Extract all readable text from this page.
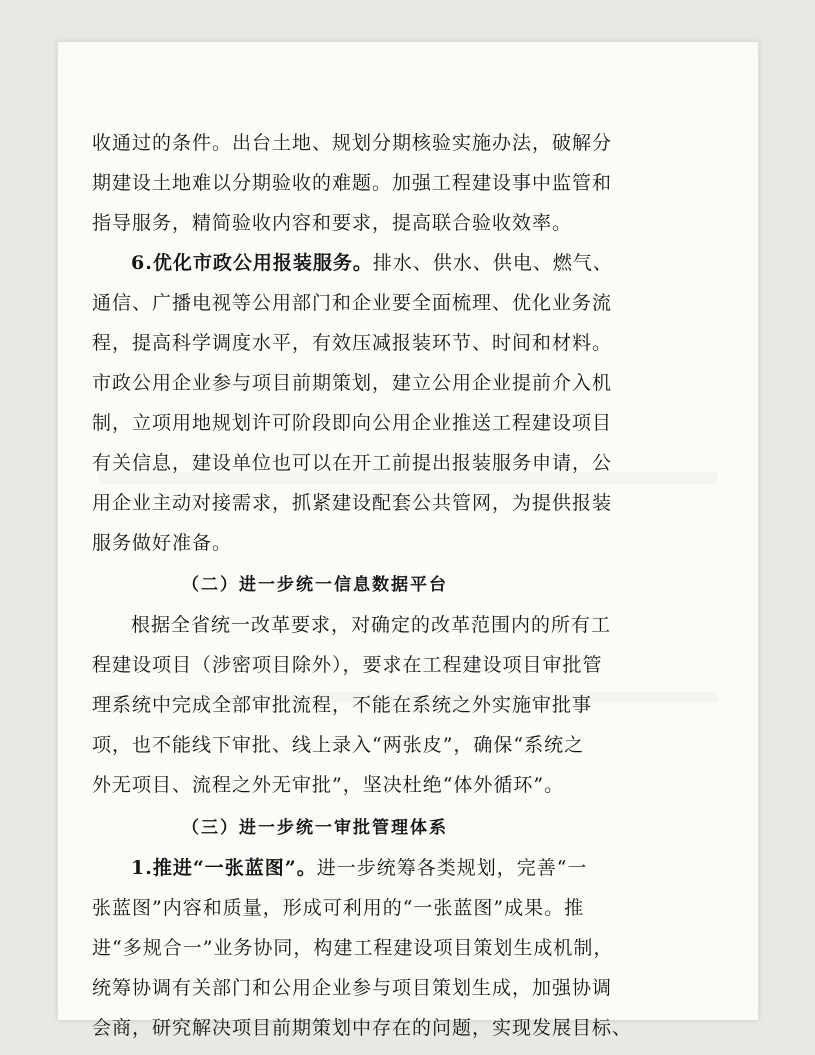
收通过的条件。出台土地、规划分期核验实施办法，破解分
期建设土地难以分期验收的难题。加强工程建设事中监管和
指导服务，精简验收内容和要求，提高联合验收效率。
6.优化市政公用报装服务。排水、供水、供电、燃气、
通信、广播电视等公用部门和企业要全面梳理、优化业务流
程，提高科学调度水平，有效压减报装环节、时间和材料。
市政公用企业参与项目前期策划，建立公用企业提前介入机
制，立项用地规划许可阶段即向公用企业推送工程建设项目
有关信息，建设单位也可以在开工前提出报装服务申请，公
用企业主动对接需求，抓紧建设配套公共管网，为提供报装
服务做好准备。
（二）进一步统一信息数据平台
根据全省统一改革要求，对确定的改革范围内的所有工
程建设项目（涉密项目除外），要求在工程建设项目审批管
理系统中完成全部审批流程，不能在系统之外实施审批事
项，也不能线下审批、线上录入“两张皮”，确保“系统之
外无项目、流程之外无审批”，坚决杜绝“体外循环”。
（三）进一步统一审批管理体系
1.推进“一张蓝图”。进一步统筹各类规划，完善“一
张蓝图”内容和质量，形成可利用的“一张蓝图”成果。推
进“多规合一”业务协同，构建工程建设项目策划生成机制，
统筹协调有关部门和公用企业参与项目策划生成，加强协调
会商，研究解决项目前期策划中存在的问题，实现发展目标、
